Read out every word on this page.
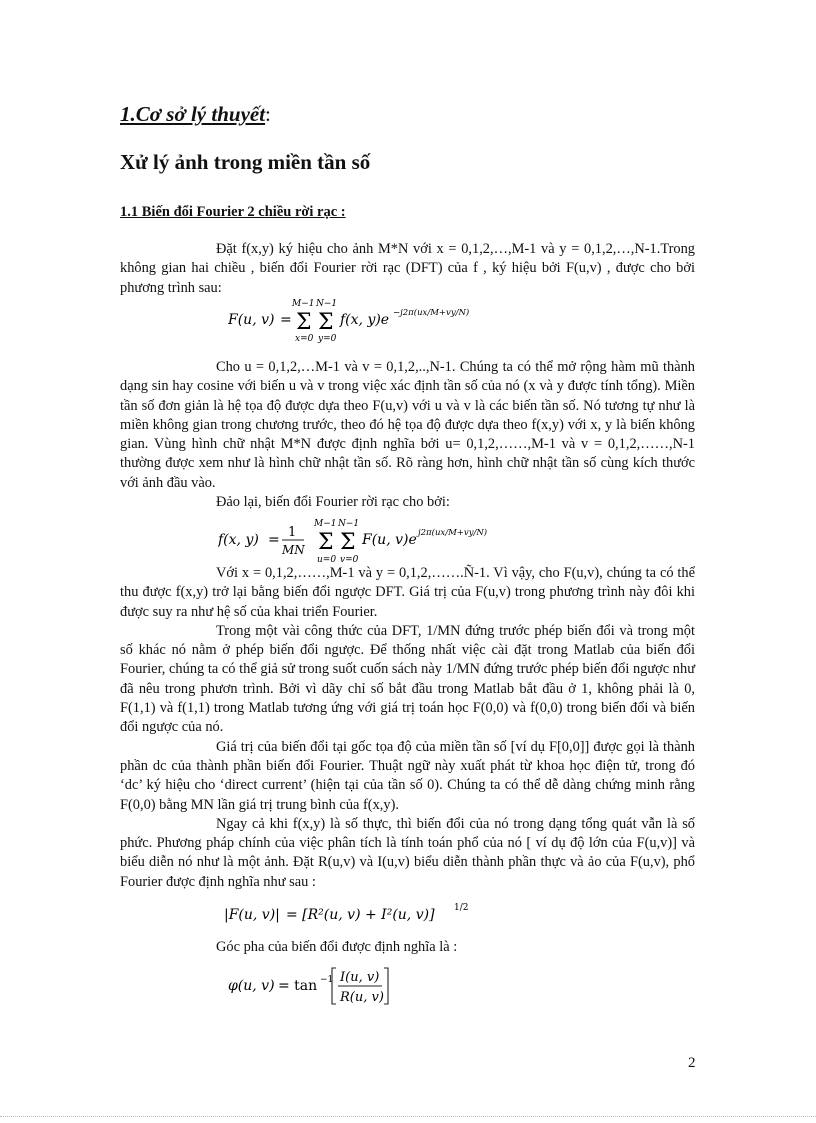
1.Cơ sở lý thuyết:
Xử lý ảnh trong miền tần số
1.1 Biến đổi Fourier 2 chiều rời rạc :

Đặt f(x,y) ký hiệu cho ảnh M*N với x = 0,1,2,…,M-1 và y = 0,1,2,…,N-1.Trong không gian hai chiều , biến đổi Fourier rời rạc (DFT) của f , ký hiệu bởi F(u,v) , được cho bởi phương trình sau:

F(u, v) =
M−1
Σ
x=0
N−1
Σ
y=0
f(x, y)e −j2π(ux/M+vy/N)

Cho u = 0,1,2,…M-1 và v = 0,1,2,..,N-1. Chúng ta có thể mở rộng hàm mũ thành dạng sin hay cosine với biến u và v trong việc xác định tần số của nó (x và y được tính tổng). Miền tần số đơn giản là hệ tọa độ được dựa theo F(u,v) với u và v là các biến tần số. Nó tương tự như là miền không gian trong chương trước, theo đó hệ tọa độ được dựa theo f(x,y) với x, y là biến không gian. Vùng hình chữ nhật M*N được định nghĩa bởi u= 0,1,2,……,M-1 và v = 0,1,2,……,N-1 thường được xem như là hình chữ nhật tần số. Rõ ràng hơn, hình chữ nhật tần số cùng kích thước với ảnh đầu vào.

Đảo lại, biến đổi Fourier rời rạc cho bởi:

f(x, y) = 1
MN
M−1
Σ
u=0
N−1
Σ
v=0
F(u, v)e j2π(ux/M+vy/N)

Với x = 0,1,2,……,M-1 và y = 0,1,2,…….Ñ-1. Vì vậy, cho F(u,v), chúng ta có thể thu được f(x,y) trở lại bằng biến đổi ngược DFT. Giá trị của F(u,v) trong phương trình này đôi khi được suy ra như hệ số của khai triển Fourier.

Trong một vài công thức của DFT, 1/MN đứng trước phép biến đổi và trong một số khác nó nằm ở phép biến đổi ngược. Để thống nhất việc cài đặt trong Matlab của biến đổi Fourier, chúng ta có thể giả sử trong suốt cuốn sách này 1/MN đứng trước phép biến đổi ngược như đã nêu trong phươn trình. Bởi vì dãy chỉ số bắt đầu trong Matlab bắt đầu ở 1, không phải là 0, F(1,1) và f(1,1) trong Matlab tương ứng với giá trị toán học F(0,0) và f(0,0) trong biến đổi và biến đổi ngược của nó.

Giá trị của biến đổi tại gốc tọa độ của miền tần số [ví dụ F[0,0]] được gọi là thành phần dc của thành phần biến đổi Fourier. Thuật ngữ này xuất phát từ khoa học điện tử, trong đó ‘dc’ ký hiệu cho ‘direct current’ (hiện tại của tần số 0). Chúng ta có thể dễ dàng chứng minh rằng F(0,0) bằng MN lần giá trị trung bình của f(x,y).

Ngay cả khi f(x,y) là số thực, thì biến đổi của nó trong dạng tổng quát vẫn là số phức. Phương pháp chính của việc phân tích là tính toán phổ của nó [ ví dụ độ lớn của F(u,v)] và biểu diễn nó như là một ảnh. Đặt R(u,v) và I(u,v) biểu diễn thành phần thực và ảo của F(u,v), phổ Fourier được định nghĩa như sau :

|F(u, v)| = [R²(u, v) + I²(u, v)] 1/2

Góc pha của biến đổi được định nghĩa là :

φ(u, v) = tan −1 I(u, v)
R(u, v)
2
